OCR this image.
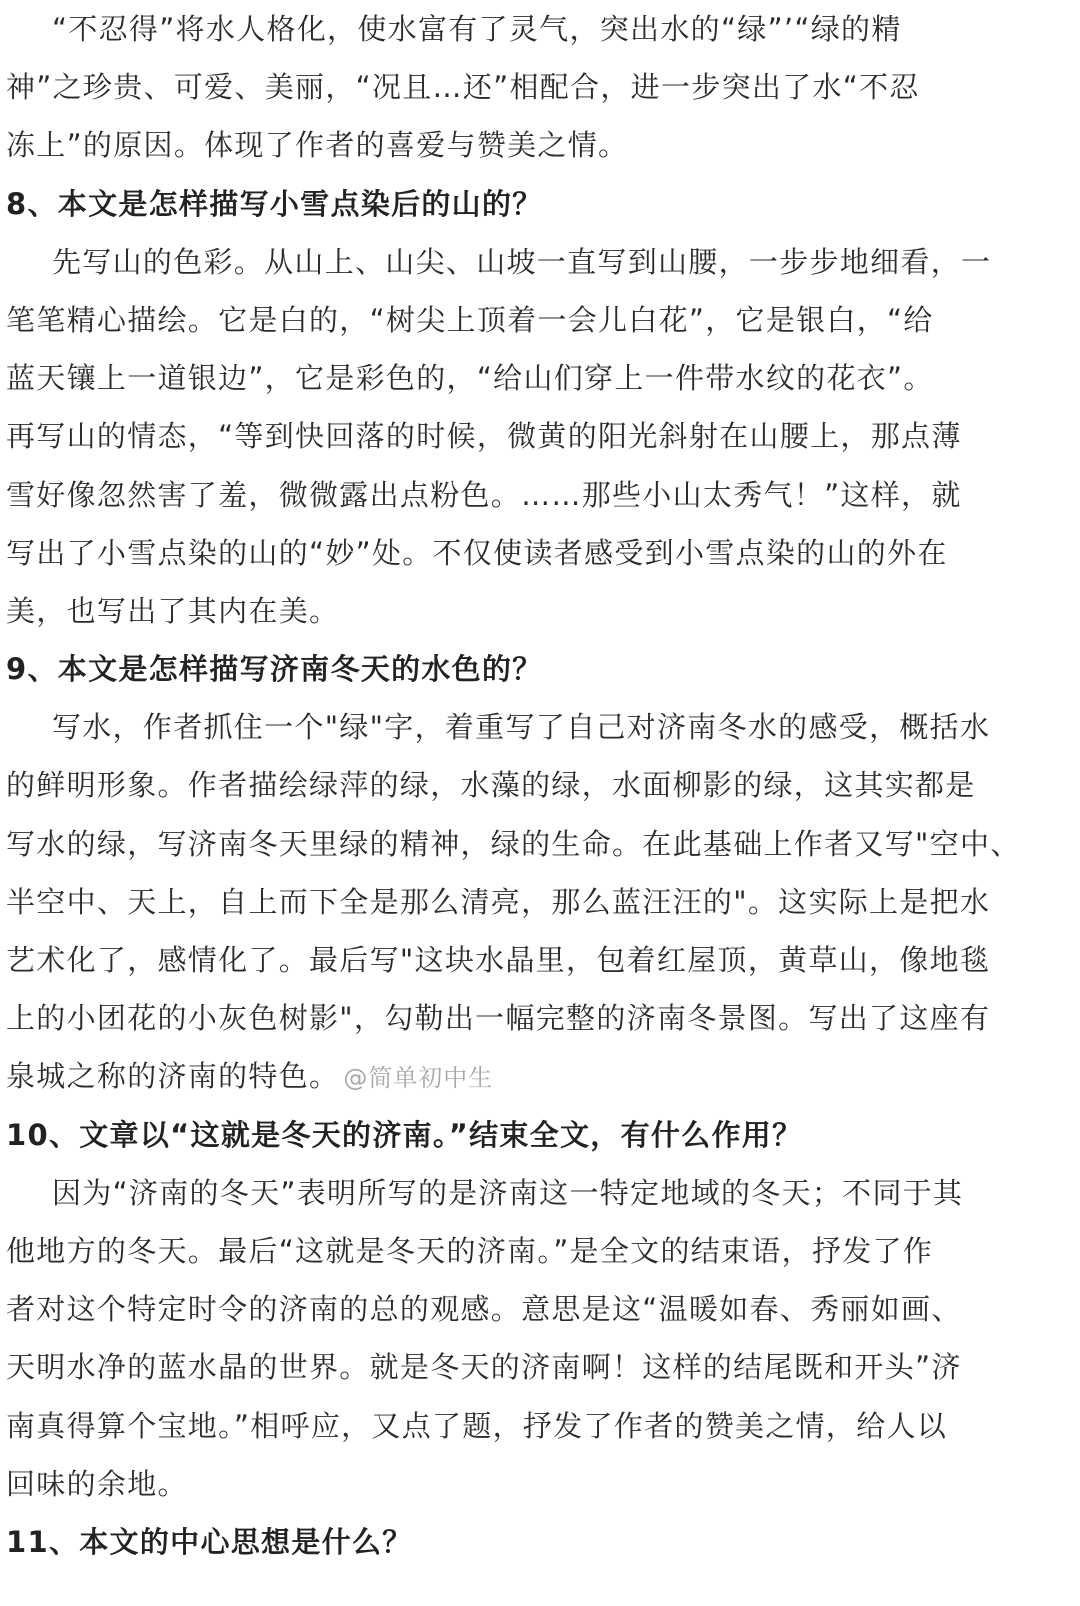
“不忍得”将水人格化，使水富有了灵气，突出水的“绿”’“绿的精
神”之珍贵、可爱、美丽，“况且…还”相配合，进一步突出了水“不忍
冻上”的原因。体现了作者的喜爱与赞美之情。
8、本文是怎样描写小雪点染后的山的？
先写山的色彩。从山上、山尖、山坡一直写到山腰，一步步地细看，一
笔笔精心描绘。它是白的，“树尖上顶着一会儿白花”，它是银白，“给
蓝天镶上一道银边”，它是彩色的，“给山们穿上一件带水纹的花衣”。
再写山的情态，“等到快回落的时候，微黄的阳光斜射在山腰上，那点薄
雪好像忽然害了羞，微微露出点粉色。……那些小山太秀气！”这样，就
写出了小雪点染的山的“妙”处。不仅使读者感受到小雪点染的山的外在
美，也写出了其内在美。
9、本文是怎样描写济南冬天的水色的？
写水，作者抓住一个"绿"字，着重写了自己对济南冬水的感受，概括水
的鲜明形象。作者描绘绿萍的绿，水藻的绿，水面柳影的绿，这其实都是
写水的绿，写济南冬天里绿的精神，绿的生命。在此基础上作者又写"空中、
半空中、天上，自上而下全是那么清亮，那么蓝汪汪的"。这实际上是把水
艺术化了，感情化了。最后写"这块水晶里，包着红屋顶，黄草山，像地毯
上的小团花的小灰色树影"，勾勒出一幅完整的济南冬景图。写出了这座有
泉城之称的济南的特色。 @简单初中生
10、文章以“这就是冬天的济南。”结束全文，有什么作用？
因为“济南的冬天”表明所写的是济南这一特定地域的冬天；不同于其
他地方的冬天。最后“这就是冬天的济南。”是全文的结束语，抒发了作
者对这个特定时令的济南的总的观感。意思是这“温暖如春、秀丽如画、
天明水净的蓝水晶的世界。就是冬天的济南啊！这样的结尾既和开头”济
南真得算个宝地。”相呼应，又点了题，抒发了作者的赞美之情，给人以
回味的余地。
11、本文的中心思想是什么？
